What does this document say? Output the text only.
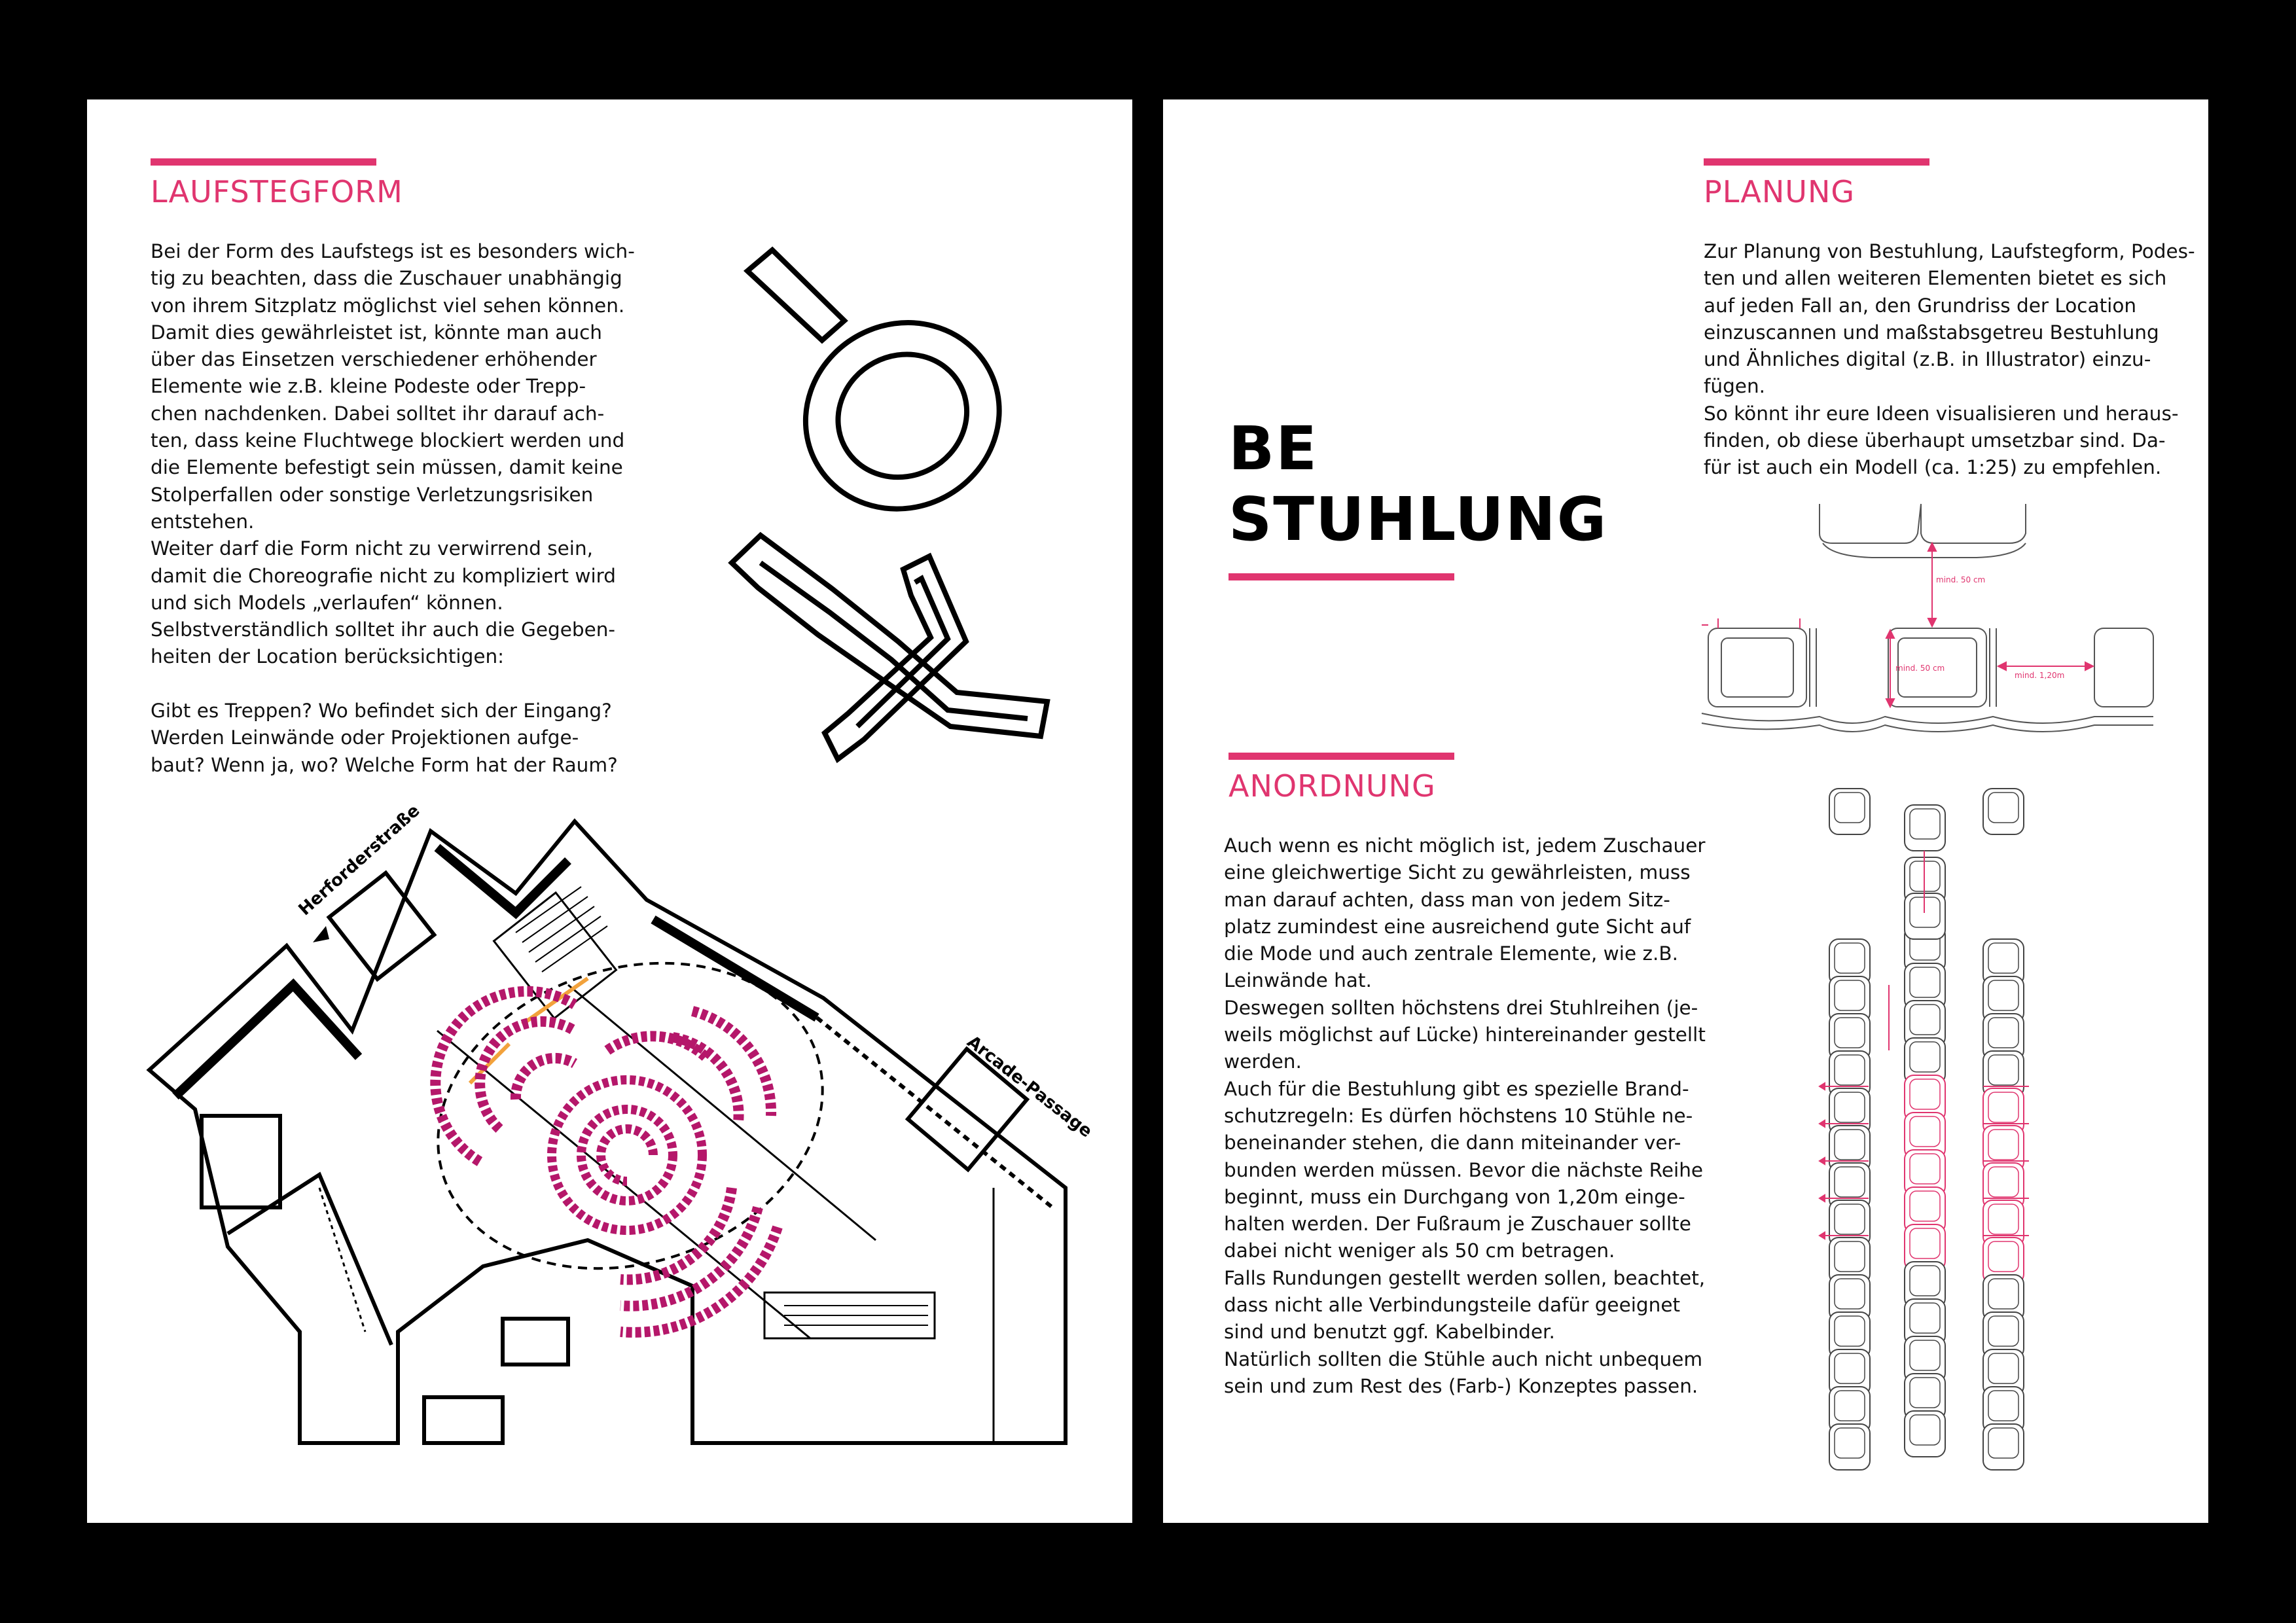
LAUFSTEGFORM
Bei der Form des Laufstegs ist es besonders wich-
tig zu beachten, dass die Zuschauer unabhängig
von ihrem Sitzplatz möglichst viel sehen können.
Damit dies gewährleistet ist, könnte man auch
über das Einsetzen verschiedener erhöhender
Elemente wie z.B. kleine Podeste oder Trepp-
chen nachdenken. Dabei solltet ihr darauf ach-
ten, dass keine Fluchtwege blockiert werden und
die Elemente befestigt sein müssen, damit keine
Stolperfallen oder sonstige Verletzungsrisiken
entstehen.
Weiter darf die Form nicht zu verwirrend sein,
damit die Choreografie nicht zu kompliziert wird
und sich Models „verlaufen“ können.
Selbstverständlich solltet ihr auch die Gegeben-
heiten der Location berücksichtigen:

Gibt es Treppen? Wo befindet sich der Eingang?
Werden Leinwände oder Projektionen aufge-
baut? Wenn ja, wo? Welche Form hat der Raum?
Herforderstraße
Arcade-Passage
PLANUNG
Zur Planung von Bestuhlung, Laufstegform, Podes-
ten und allen weiteren Elementen bietet es sich
auf jeden Fall an, den Grundriss der Location
einzuscannen und maßstabsgetreu Bestuhlung
und Ähnliches digital (z.B. in Illustrator) einzu-
fügen.
So könnt ihr eure Ideen visualisieren und heraus-
finden, ob diese überhaupt umsetzbar sind. Da-
für ist auch ein Modell (ca. 1:25) zu empfehlen.
BE
STUHLUNG
ANORDNUNG
Auch wenn es nicht möglich ist, jedem Zuschauer
eine gleichwertige Sicht zu gewährleisten, muss
man darauf achten, dass man von jedem Sitz-
platz zumindest eine ausreichend gute Sicht auf
die Mode und auch zentrale Elemente, wie z.B.
Leinwände hat.
Deswegen sollten höchstens drei Stuhlreihen (je-
weils möglichst auf Lücke) hintereinander gestellt
werden.
Auch für die Bestuhlung gibt es spezielle Brand-
schutzregeln: Es dürfen höchstens 10 Stühle ne-
beneinander stehen, die dann miteinander ver-
bunden werden müssen. Bevor die nächste Reihe
beginnt, muss ein Durchgang von 1,20m einge-
halten werden. Der Fußraum je Zuschauer sollte
dabei nicht weniger als 50 cm betragen.
Falls Rundungen gestellt werden sollen, beachtet,
dass nicht alle Verbindungsteile dafür geeignet
sind und benutzt ggf. Kabelbinder.
Natürlich sollten die Stühle auch nicht unbequem
sein und zum Rest des (Farb-) Konzeptes passen.
mind. 50 cm
mind. 50 cm
mind. 1,20m
